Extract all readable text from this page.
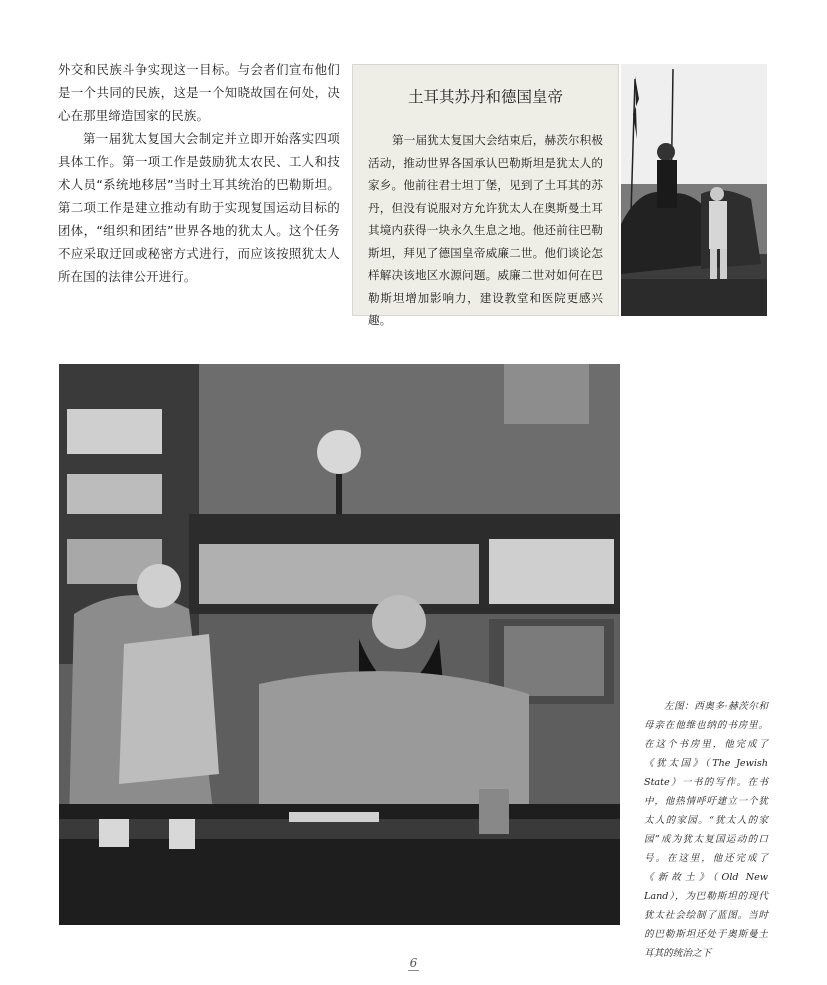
外交和民族斗争实现这一目标。与会者们宣布他们是一个共同的民族，这是一个知晓故国在何处，决心在那里缔造国家的民族。

第一届犹太复国大会制定并立即开始落实四项具体工作。第一项工作是鼓励犹太农民、工人和技术人员“系统地移居”当时土耳其统治的巴勒斯坦。第二项工作是建立推动有助于实现复国运动目标的团体，“组织和团结”世界各地的犹太人。这个任务不应采取迂回或秘密方式进行，而应该按照犹太人所在国的法律公开进行。

土耳其苏丹和德国皇帝

第一届犹太复国大会结束后，赫茨尔积极活动，推动世界各国承认巴勒斯坦是犹太人的家乡。他前往君士坦丁堡，见到了土耳其的苏丹，但没有说服对方允许犹太人在奥斯曼土耳其境内获得一块永久生息之地。他还前往巴勒斯坦，拜见了德国皇帝威廉二世。他们谈论怎样解决该地区水源问题。威廉二世对如何在巴勒斯坦增加影响力，建设教堂和医院更感兴趣。

左图：西奥多·赫茨尔和母亲在他维也纳的书房里。在这个书房里，他完成了《犹太国》（The Jewish State）一书的写作。在书中，他热情呼吁建立一个犹太人的家园。“犹太人的家园”成为犹太复国运动的口号。在这里，他还完成了《新故土》（Old New Land），为巴勒斯坦的现代犹太社会绘制了蓝图。当时的巴勒斯坦还处于奥斯曼土耳其的统治之下

6
